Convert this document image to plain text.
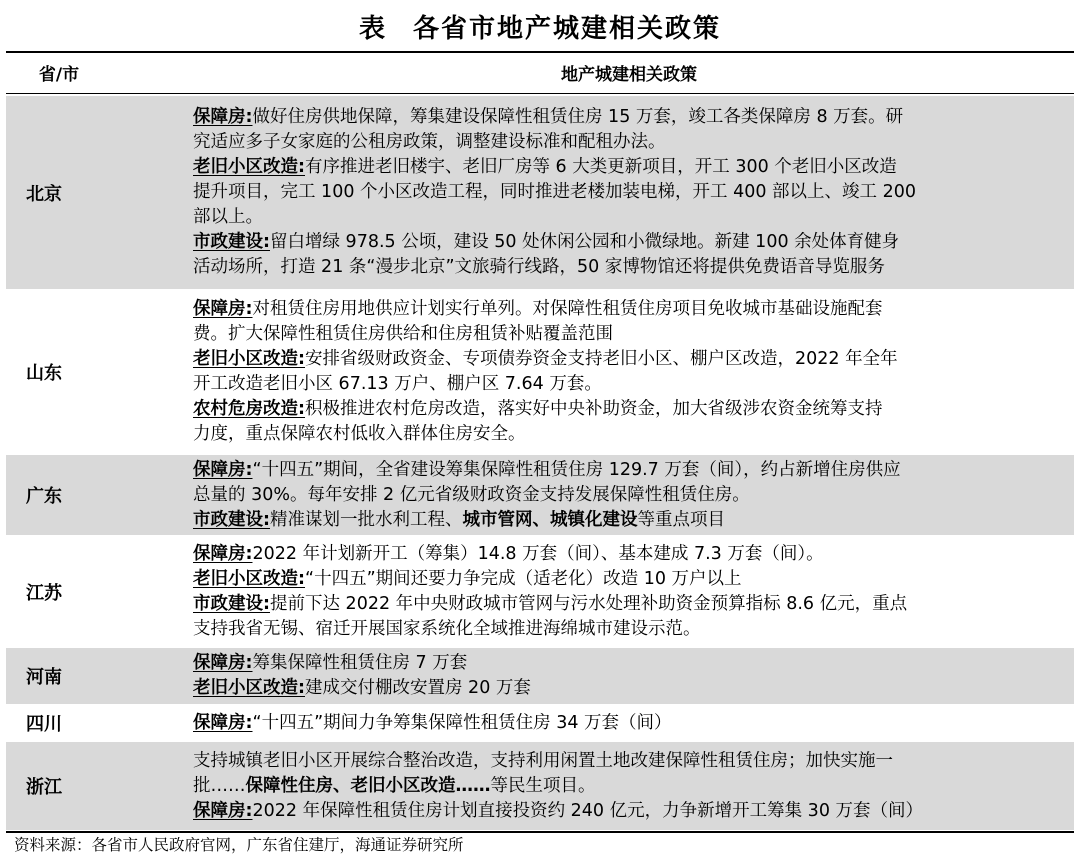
表 各省市地产城建相关政策
省/市	地产城建相关政策
北京
保障房:做好住房供地保障，筹集建设保障性租赁住房 15 万套，竣工各类保障房 8 万套。研
究适应多子女家庭的公租房政策，调整建设标准和配租办法。
老旧小区改造:有序推进老旧楼宇、老旧厂房等 6 大类更新项目，开工 300 个老旧小区改造
提升项目，完工 100 个小区改造工程，同时推进老楼加装电梯，开工 400 部以上、竣工 200
部以上。
市政建设:留白增绿 978.5 公顷，建设 50 处休闲公园和小微绿地。新建 100 余处体育健身
活动场所，打造 21 条“漫步北京”文旅骑行线路，50 家博物馆还将提供免费语音导览服务
山东
保障房:对租赁住房用地供应计划实行单列。对保障性租赁住房项目免收城市基础设施配套
费。扩大保障性租赁住房供给和住房租赁补贴覆盖范围
老旧小区改造:安排省级财政资金、专项债券资金支持老旧小区、棚户区改造，2022 年全年
开工改造老旧小区 67.13 万户、棚户区 7.64 万套。
农村危房改造:积极推进农村危房改造，落实好中央补助资金，加大省级涉农资金统筹支持
力度，重点保障农村低收入群体住房安全。
广东
保障房:“十四五”期间，全省建设筹集保障性租赁住房 129.7 万套（间），约占新增住房供应
总量的 30%。每年安排 2 亿元省级财政资金支持发展保障性租赁住房。
市政建设:精准谋划一批水利工程、城市管网、城镇化建设等重点项目
江苏
保障房:2022 年计划新开工（筹集）14.8 万套（间）、基本建成 7.3 万套（间）。
老旧小区改造:“十四五”期间还要力争完成（适老化）改造 10 万户以上
市政建设:提前下达 2022 年中央财政城市管网与污水处理补助资金预算指标 8.6 亿元，重点
支持我省无锡、宿迁开展国家系统化全域推进海绵城市建设示范。
河南
保障房:筹集保障性租赁住房 7 万套
老旧小区改造:建成交付棚改安置房 20 万套
四川	保障房:“十四五”期间力争筹集保障性租赁住房 34 万套（间）
浙江
支持城镇老旧小区开展综合整治改造，支持利用闲置土地改建保障性租赁住房；加快实施一
批……保障性住房、老旧小区改造……等民生项目。
保障房:2022 年保障性租赁住房计划直接投资约 240 亿元，力争新增开工筹集 30 万套（间）
资料来源：各省市人民政府官网，广东省住建厅，海通证券研究所
